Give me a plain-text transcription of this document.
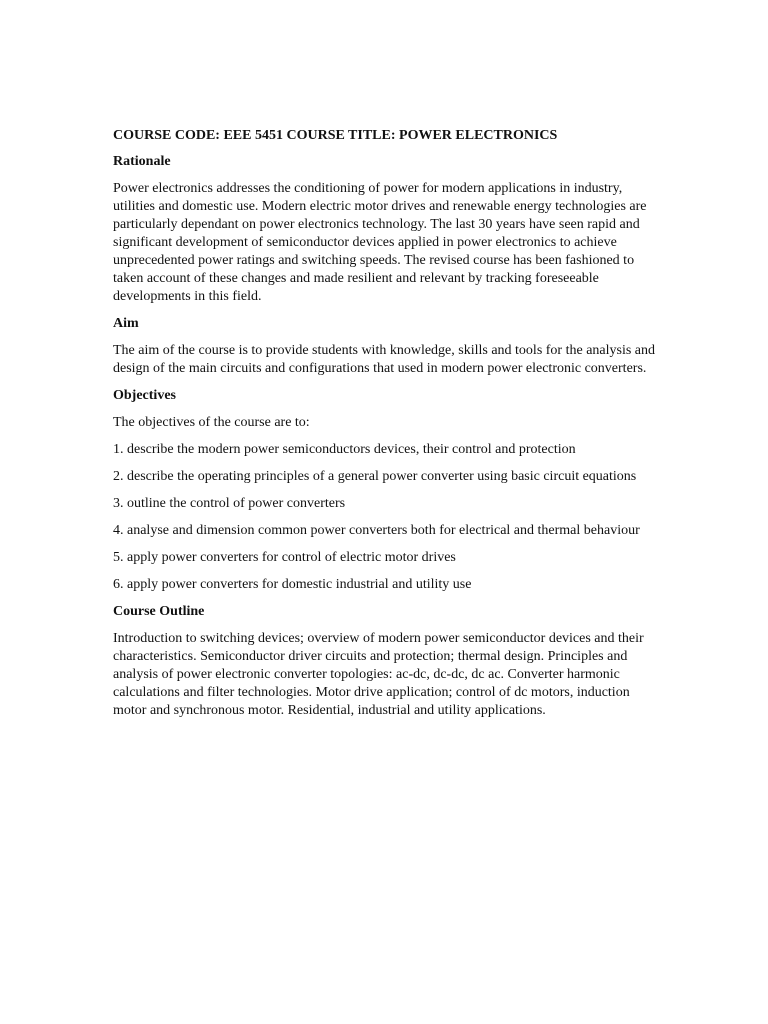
COURSE CODE: EEE 5451 COURSE TITLE: POWER ELECTRONICS
Rationale
Power electronics addresses the conditioning of power for modern applications in industry, utilities and domestic use. Modern electric motor drives and renewable energy technologies are particularly dependant on power electronics technology. The last 30 years have seen rapid and significant development of semiconductor devices applied in power electronics to achieve unprecedented power ratings and switching speeds. The revised course has been fashioned to taken account of these changes and made resilient and relevant by tracking foreseeable developments in this field.
Aim
The aim of the course is to provide students with knowledge, skills and tools for the analysis and design of the main circuits and configurations that used in modern power electronic converters.
Objectives
The objectives of the course are to:
1. describe the modern power semiconductors devices, their control and protection
2. describe the operating principles of a general power converter using basic circuit equations
3. outline the control of power converters
4. analyse and dimension common power converters both for electrical and thermal behaviour
5. apply power converters for control of electric motor drives
6. apply power converters for domestic industrial and utility use
Course Outline
Introduction to switching devices; overview of modern power semiconductor devices and their characteristics. Semiconductor driver circuits and protection; thermal design. Principles and analysis of power electronic converter topologies: ac-dc, dc-dc, dc ac. Converter harmonic calculations and filter technologies. Motor drive application; control of dc motors, induction motor and synchronous motor. Residential, industrial and utility applications.
